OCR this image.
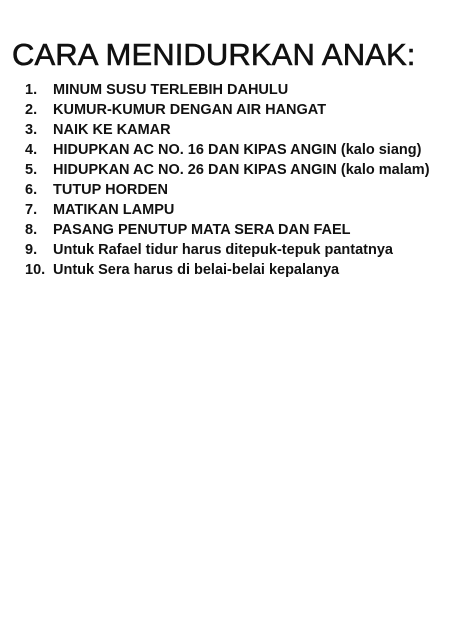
CARA MENIDURKAN ANAK:
1.	MINUM SUSU TERLEBIH DAHULU
2.	KUMUR-KUMUR DENGAN AIR HANGAT
3.	NAIK KE KAMAR
4.	HIDUPKAN AC NO. 16 DAN KIPAS ANGIN (kalo siang)
5.	HIDUPKAN AC NO. 26 DAN KIPAS ANGIN (kalo malam)
6.	TUTUP HORDEN
7.	MATIKAN LAMPU
8.	PASANG PENUTUP MATA SERA DAN FAEL
9.	Untuk Rafael tidur harus ditepuk-tepuk pantatnya
10. Untuk Sera harus di belai-belai kepalanya
